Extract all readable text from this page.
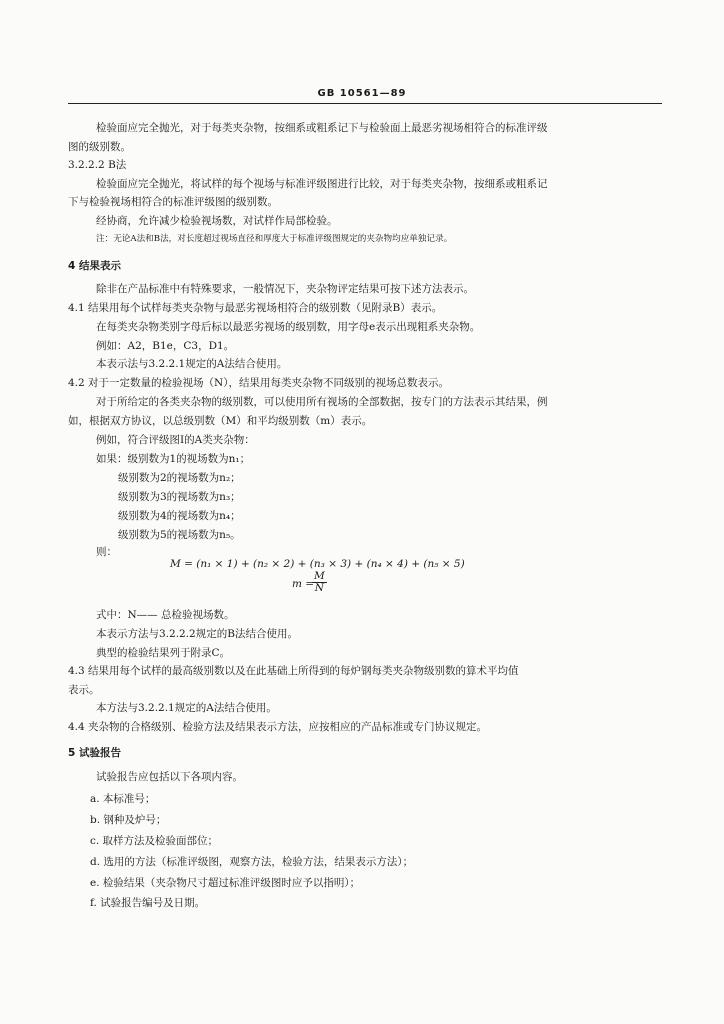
GB 10561—89
检验面应完全抛光，对于每类夹杂物，按细系或粗系记下与检验面上最恶劣视场相符合的标准评级
图的级别数。
3.2.2.2 B法
检验面应完全抛光，将试样的每个视场与标准评级图进行比较，对于每类夹杂物，按细系或粗系记
下与检验视场相符合的标准评级图的级别数。
经协商，允许减少检验视场数，对试样作局部检验。
注：无论A法和B法，对长度超过视场直径和厚度大于标准评级图规定的夹杂物均应单独记录。
4 结果表示
除非在产品标准中有特殊要求，一般情况下，夹杂物评定结果可按下述方法表示。
4.1 结果用每个试样每类夹杂物与最恶劣视场相符合的级别数（见附录B）表示。
在每类夹杂物类别字母后标以最恶劣视场的级别数，用字母e表示出现粗系夹杂物。
例如：A2，B1e，C3，D1。
本表示法与3.2.2.1规定的A法结合使用。
4.2 对于一定数量的检验视场（N），结果用每类夹杂物不同级别的视场总数表示。
对于所给定的各类夹杂物的级别数，可以使用所有视场的全部数据，按专门的方法表示其结果，例
如，根据双方协议，以总级别数（M）和平均级别数（m）表示。
例如，符合评级图Ⅰ的A类夹杂物：
如果：级别数为1的视场数为n₁；
级别数为2的视场数为n₂；
级别数为3的视场数为n₃；
级别数为4的视场数为n₄；
级别数为5的视场数为n₅。
则：
M = (n₁ × 1) + (n₂ × 2) + (n₃ × 3) + (n₄ × 4) + (n₅ × 5)
m =
$\frac{M}{N}$
式中：N—— 总检验视场数。
本表示方法与3.2.2.2规定的B法结合使用。
典型的检验结果列于附录C。
4.3 结果用每个试样的最高级别数以及在此基础上所得到的每炉钢每类夹杂物级别数的算术平均值
表示。
本方法与3.2.2.1规定的A法结合使用。
4.4 夹杂物的合格级别、检验方法及结果表示方法，应按相应的产品标准或专门协议规定。
5 试验报告
试验报告应包括以下各项内容。
a. 本标准号；
b. 钢种及炉号；
c. 取样方法及检验面部位；
d. 选用的方法（标准评级图，观察方法，检验方法，结果表示方法）；
e. 检验结果（夹杂物尺寸超过标准评级图时应予以指明）；
f. 试验报告编号及日期。
